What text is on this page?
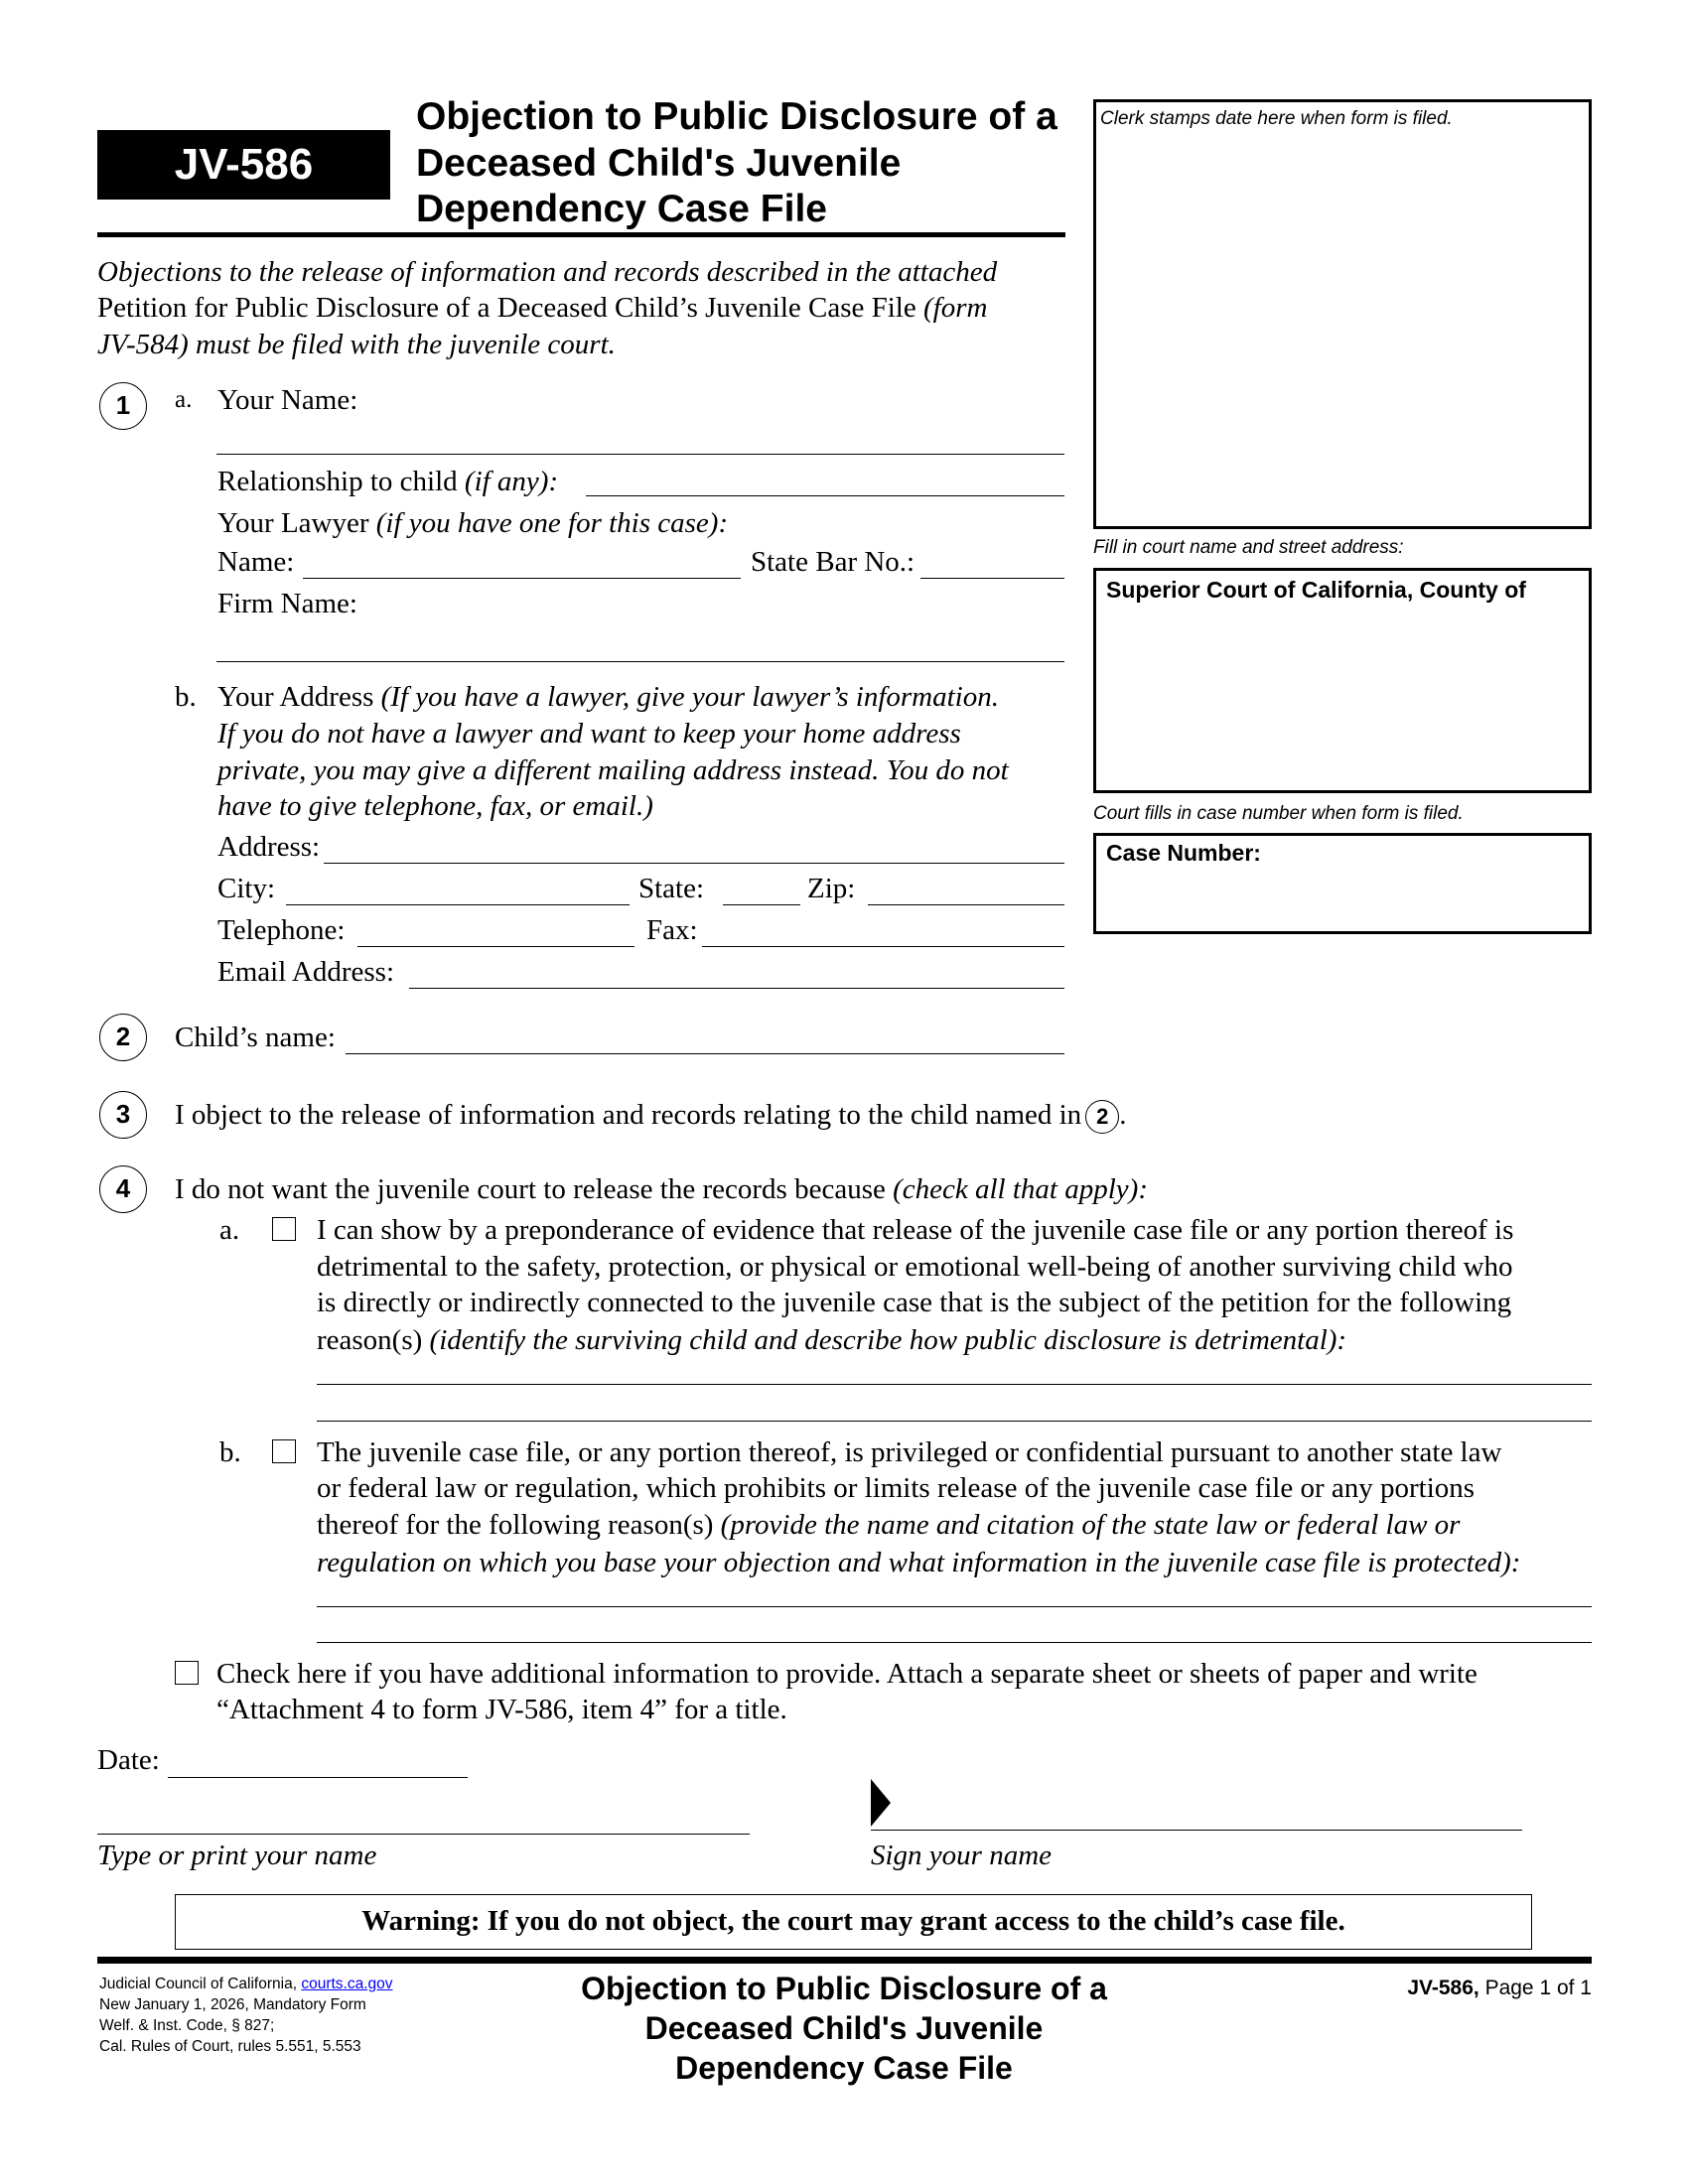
JV-586
Objection to Public Disclosure of a
Deceased Child's Juvenile
Dependency Case File
Objections to the release of information and records described in the attached
Petition for Public Disclosure of a Deceased Child’s Juvenile Case File (form
JV-584) must be filed with the juvenile court.
Clerk stamps date here when form is filed.
Fill in court name and street address:
Superior Court of California, County of
Court fills in case number when form is filed.
Case Number:
1	a. Your Name:
Relationship to child (if any):
Your Lawyer (if you have one for this case):
Name:	State Bar No.:
Firm Name:
b. Your Address (If you have a lawyer, give your lawyer’s information.
If you do not have a lawyer and want to keep your home address
private, you may give a different mailing address instead. You do not
have to give telephone, fax, or email.)
Address:
City:	State:	Zip:
Telephone:	Fax:
Email Address:
2	Child’s name:
3	I object to the release of information and records relating to the child named in 2 .
4	I do not want the juvenile court to release the records because (check all that apply):
a.	I can show by a preponderance of evidence that release of the juvenile case file or any portion thereof is
detrimental to the safety, protection, or physical or emotional well-being of another surviving child who
is directly or indirectly connected to the juvenile case that is the subject of the petition for the following
reason(s) (identify the surviving child and describe how public disclosure is detrimental):
b.	The juvenile case file, or any portion thereof, is privileged or confidential pursuant to another state law
or federal law or regulation, which prohibits or limits release of the juvenile case file or any portions
thereof for the following reason(s) (provide the name and citation of the state law or federal law or
regulation on which you base your objection and what information in the juvenile case file is protected):
Check here if you have additional information to provide. Attach a separate sheet or sheets of paper and write
“Attachment 4 to form JV-586, item 4” for a title.
Date:
Type or print your name	Sign your name
Warning: If you do not object, the court may grant access to the child’s case file.
Judicial Council of California, courts.ca.gov
New January 1, 2026, Mandatory Form
Welf. & Inst. Code, § 827;
Cal. Rules of Court, rules 5.551, 5.553
Objection to Public Disclosure of a
Deceased Child's Juvenile
Dependency Case File
JV-586, Page 1 of 1
